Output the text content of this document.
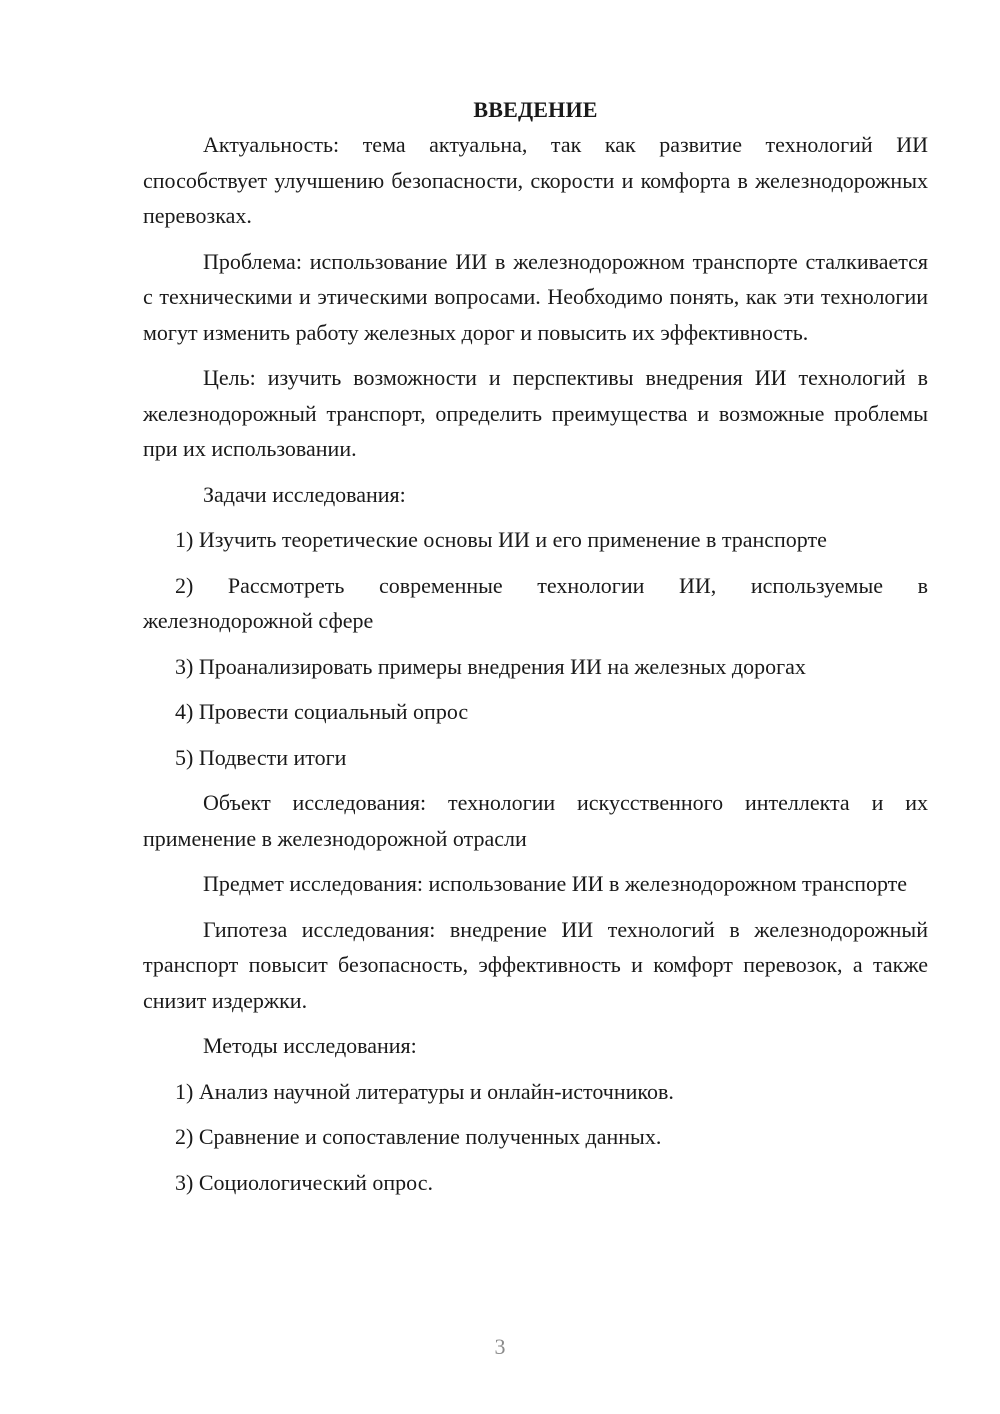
ВВЕДЕНИЕ

Актуальность: тема актуальна, так как развитие технологий ИИ способствует улучшению безопасности, скорости и комфорта в железнодорожных перевозках.

Проблема: использование ИИ в железнодорожном транспорте сталкивается с техническими и этическими вопросами. Необходимо понять, как эти технологии могут изменить работу железных дорог и повысить их эффективность.

Цель: изучить возможности и перспективы внедрения ИИ технологий в железнодорожный транспорт, определить преимущества и возможные проблемы при их использовании.

Задачи исследования:

1) Изучить теоретические основы ИИ и его применение в транспорте

2) Рассмотреть современные технологии ИИ, используемые в железнодорожной сфере

3) Проанализировать примеры внедрения ИИ на железных дорогах

4) Провести социальный опрос

5) Подвести итоги

Объект исследования: технологии искусственного интеллекта и их применение в железнодорожной отрасли

Предмет исследования: использование ИИ в железнодорожном транспорте

Гипотеза исследования: внедрение ИИ технологий в железнодорожный транспорт повысит безопасность, эффективность и комфорт перевозок, а также снизит издержки.

Методы исследования:

1) Анализ научной литературы и онлайн-источников.

2) Сравнение и сопоставление полученных данных.

3) Социологический опрос.

3
